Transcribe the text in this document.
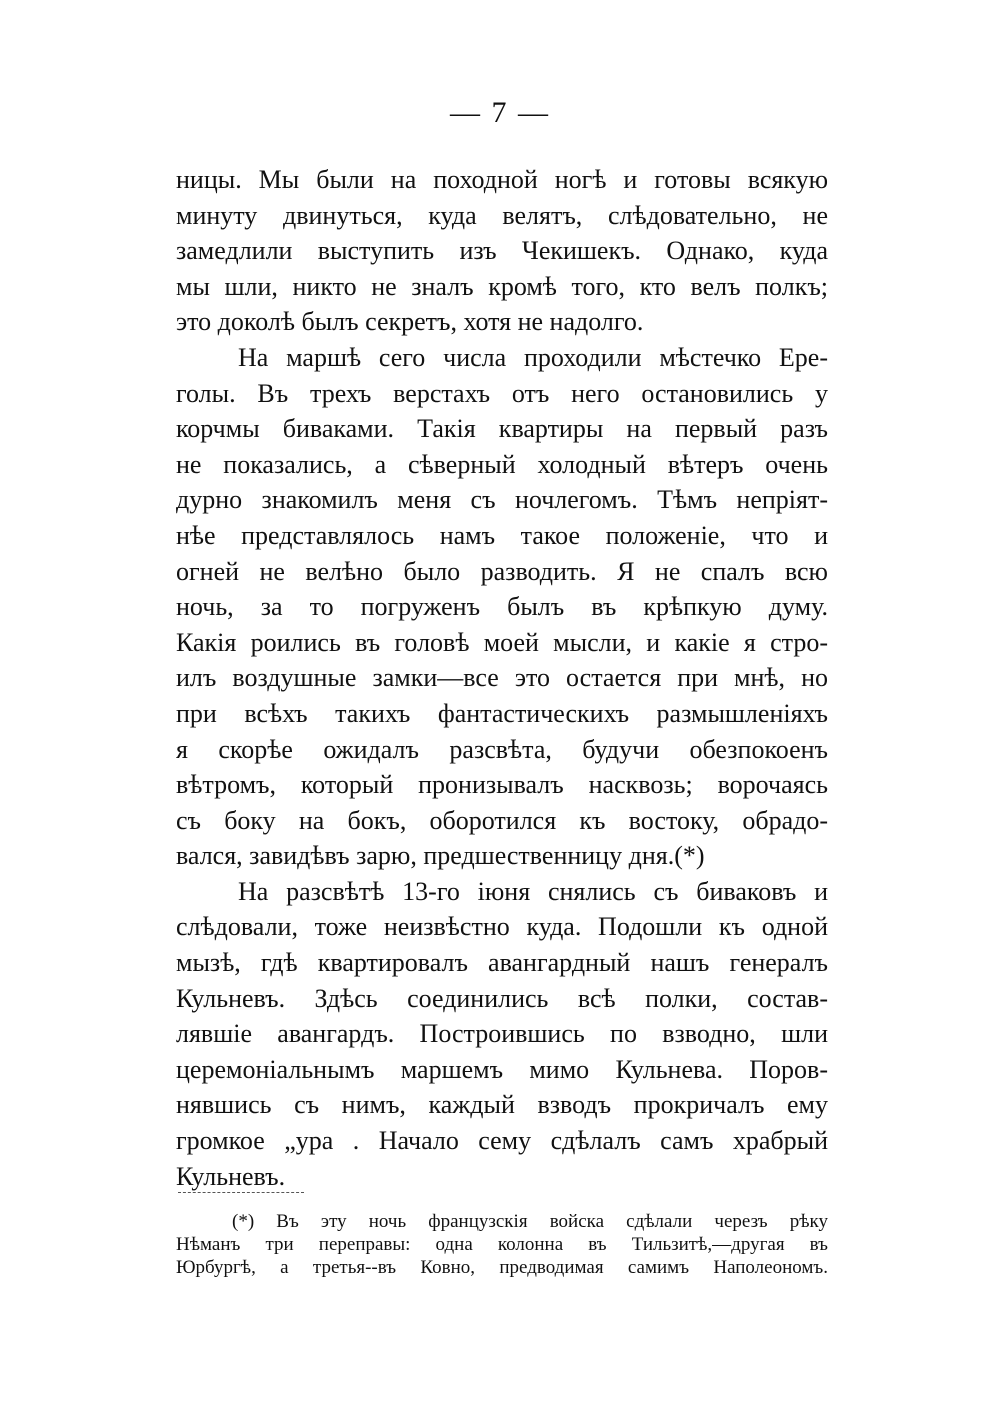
— 7 —
ницы. Мы были на походной ногѣ и готовы всякую
минуту двинуться, куда велятъ, слѣдовательно, не
замедлили выступить изъ Чекишекъ. Однако, куда
мы шли, никто не зналъ кромѣ того, кто велъ полкъ;
это доколѣ былъ секретъ, хотя не надолго.
На маршѣ сего числа проходили мѣстечко Ере-
голы. Въ трехъ верстахъ отъ него остановились у
корчмы биваками. Такія квартиры на первый разъ
не показались, а сѣверный холодный вѣтеръ очень
дурно знакомилъ меня съ ночлегомъ. Тѣмъ непріят-
нѣе представлялось намъ такое положеніе, что и
огней не велѣно было разводить. Я не спалъ всю
ночь, за то погруженъ былъ въ крѣпкую думу.
Какія роились въ головѣ моей мысли, и какіе я стро-
илъ воздушные замки—все это остается при мнѣ, но
при всѣхъ такихъ фантастическихъ размышленіяхъ
я скорѣе ожидалъ разсвѣта, будучи обезпокоенъ
вѣтромъ, который пронизывалъ насквозь; ворочаясь
съ боку на бокъ, оборотился къ востоку, обрадо-
вался, завидѣвъ зарю, предшественницу дня.(*)
На разсвѣтѣ 13-го іюня снялись съ биваковъ и
слѣдовали, тоже неизвѣстно куда. Подошли къ одной
мызѣ, гдѣ квартировалъ авангардный нашъ генералъ
Кульневъ. Здѣсь соединились всѣ полки, состав-
лявшіе авангардъ. Построившись по взводно, шли
церемоніальнымъ маршемъ мимо Кульнева. Поров-
нявшись съ нимъ, каждый взводъ прокричалъ ему
громкое „ура . Начало сему сдѣлалъ самъ храбрый
Кульневъ.
(*) Въ эту ночь французскія войска сдѣлали черезъ рѣку
Нѣманъ три переправы: одна колонна въ Тильзитѣ,—другая въ
Юрбургѣ, а третья--въ Ковно, предводимая самимъ Наполеономъ.
